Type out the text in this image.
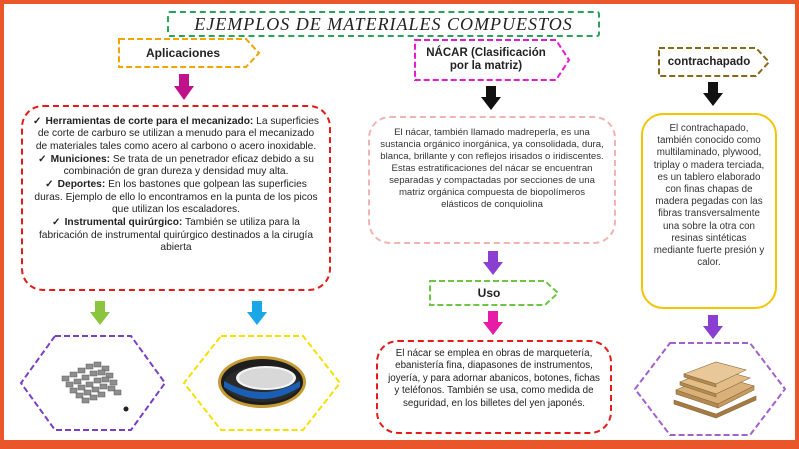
EJEMPLOS DE MATERIALES COMPUESTOS
Aplicaciones
✓ Herramientas de corte para el mecanizado: La superficies de corte de carburo se utilizan a menudo para el mecanizado de materiales tales como acero al carbono o acero inoxidable.
✓ Municiones: Se trata de un penetrador eficaz debido a su combinación de gran dureza y densidad muy alta.
✓ Deportes: En los bastones que golpean las superficies duras. Ejemplo de ello lo encontramos en la punta de los picos que utilizan los escaladores.
✓ Instrumental quirúrgico: También se utiliza para la fabricación de instrumental quirúrgico destinados a la cirugía abierta
NÁCAR (Clasificación por la matriz)
El nácar, también llamado madreperla, es una sustancia orgánico inorgánica, ya consolidada, dura, blanca, brillante y con reflejos irisados o iridiscentes.
Estas estratificaciones del nácar se encuentran separadas y compactadas por secciones de una matriz orgánica compuesta de biopolímeros elásticos de conquiolina
Uso
El nácar se emplea en obras de marquetería, ebanistería fina, diapasones de instrumentos, joyería, y para adornar abanicos, botones, fichas y teléfonos. También se usa, como medida de seguridad, en los billetes del yen japonés.
contrachapado
El contrachapado, también conocido como multilaminado, plywood, triplay o madera terciada, es un tablero elaborado con finas chapas de madera pegadas con las fibras transversalmente una sobre la otra con resinas sintéticas mediante fuerte presión y calor.
